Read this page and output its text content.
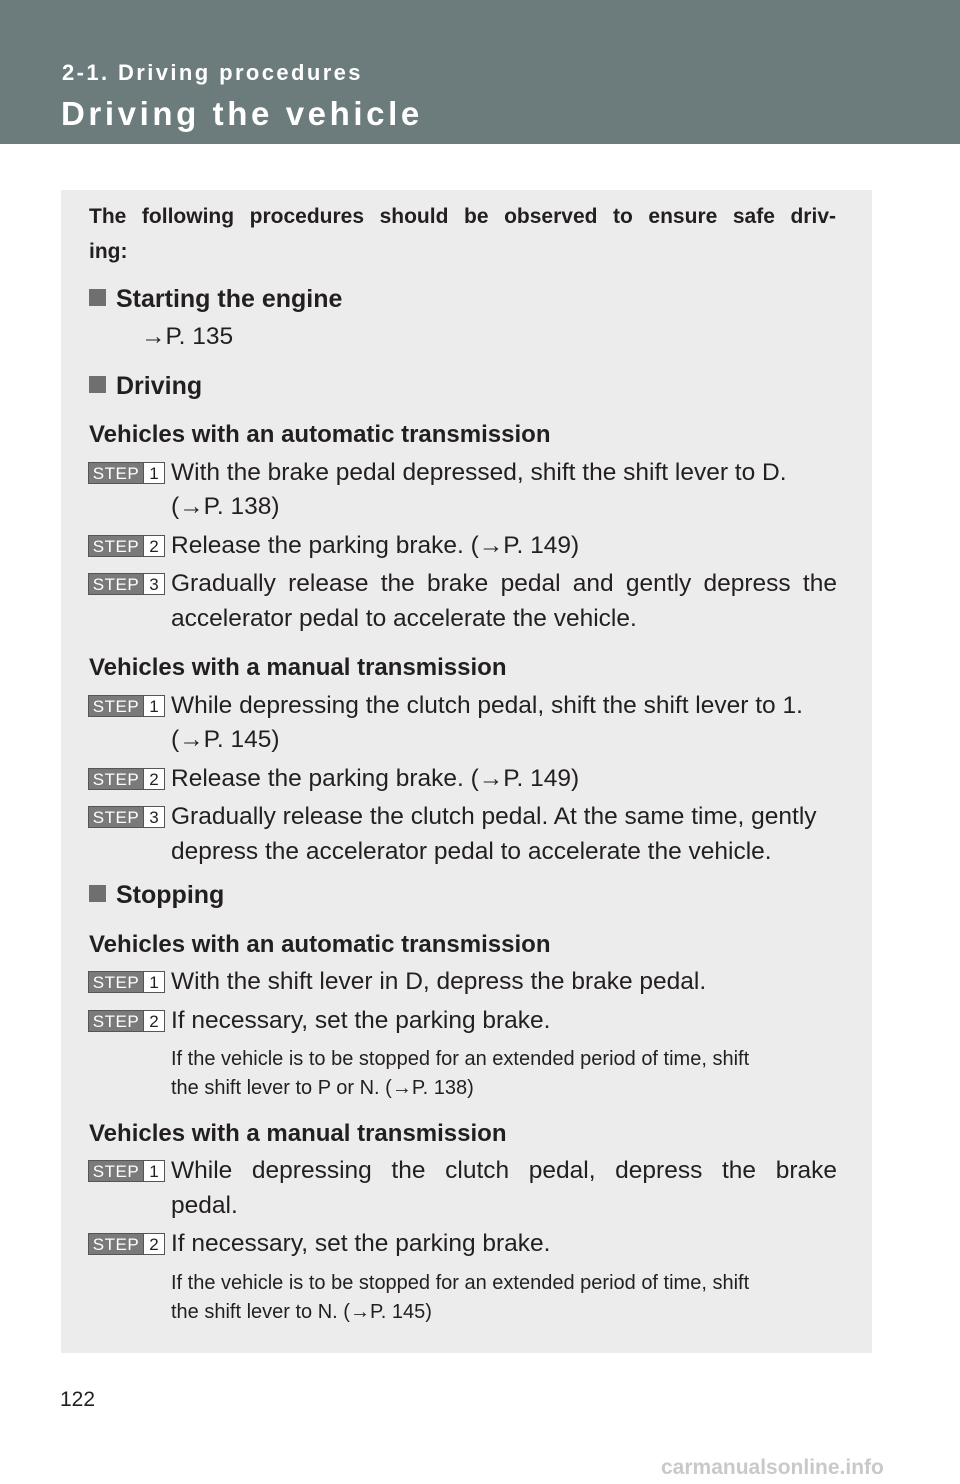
2-1. Driving procedures
Driving the vehicle
The following procedures should be observed to ensure safe driv-
ing:
Starting the engine
→P. 135
Driving
Vehicles with an automatic transmission
STEP 1 With the brake pedal depressed, shift the shift lever to D.
(→P. 138)
STEP 2 Release the parking brake. (→P. 149)
STEP 3 Gradually release the brake pedal and gently depress the
accelerator pedal to accelerate the vehicle.
Vehicles with a manual transmission
STEP 1 While depressing the clutch pedal, shift the shift lever to 1.
(→P. 145)
STEP 2 Release the parking brake. (→P. 149)
STEP 3 Gradually release the clutch pedal. At the same time, gently
depress the accelerator pedal to accelerate the vehicle.
Stopping
Vehicles with an automatic transmission
STEP 1 With the shift lever in D, depress the brake pedal.
STEP 2 If necessary, set the parking brake.
If the vehicle is to be stopped for an extended period of time, shift
the shift lever to P or N. (→P. 138)
Vehicles with a manual transmission
STEP 1 While depressing the clutch pedal, depress the brake
pedal.
STEP 2 If necessary, set the parking brake.
If the vehicle is to be stopped for an extended period of time, shift
the shift lever to N. (→P. 145)
122
carmanualsonline.info
